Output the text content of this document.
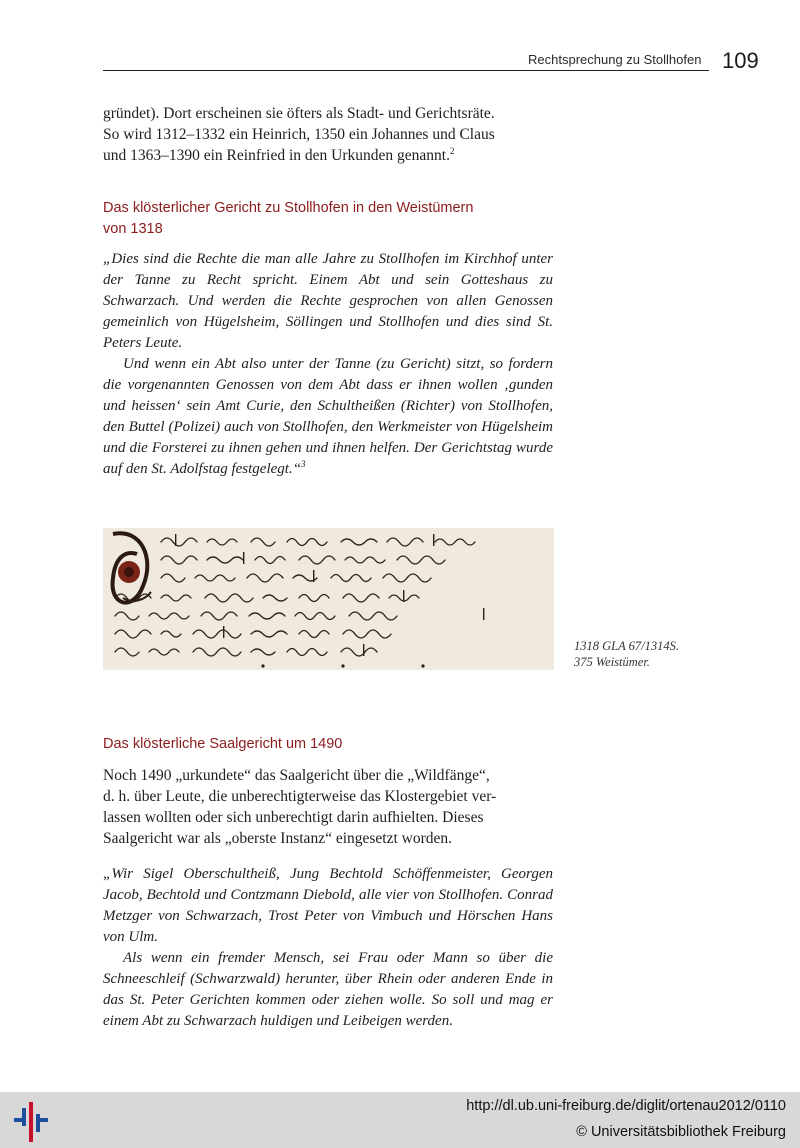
Rechtsprechung zu Stollhofen 109
gründet). Dort erscheinen sie öfters als Stadt- und Gerichtsräte.
So wird 1312–1332 ein Heinrich, 1350 ein Johannes und Claus
und 1363–1390 ein Reinfried in den Urkunden genannt.$^2$
Das klösterlicher Gericht zu Stollhofen in den Weistümern
von 1318

„Dies sind die Rechte die man alle Jahre zu Stollhofen im Kirchhof unter der Tanne zu Recht spricht. Einem Abt und sein Gotteshaus zu Schwarzach. Und werden die Rechte gesprochen von allen Genossen gemeinlich von Hügelsheim, Söllingen und Stollhofen und dies sind St. Peters Leute.

Und wenn ein Abt also unter der Tanne (zu Gericht) sitzt, so fordern die vorgenannten Genossen von dem Abt dass er ihnen wollen ‚gunden und heissen‘ sein Amt Curie, den Schultheißen (Richter) von Stollhofen, den Buttel (Polizei) auch von Stollhofen, den Werkmeister von Hügelsheim und die Forsterei zu ihnen gehen und ihnen helfen. Der Gerichtstag wurde auf den St. Adolfstag festgelegt.“$^3$

1318 GLA 67/1314S.
375 Weistümer.
Das klösterliche Saalgericht um 1490
Noch 1490 „urkundete“ das Saalgericht über die „Wildfänge“,
d. h. über Leute, die unberechtigterweise das Klostergebiet ver-
lassen wollten oder sich unberechtigt darin aufhielten. Dieses
Saalgericht war als „oberste Instanz“ eingesetzt worden.

„Wir Sigel Oberschultheiß, Jung Bechtold Schöffenmeister, Georgen Jacob, Bechtold und Contzmann Diebold, alle vier von Stollhofen. Conrad Metzger von Schwarzach, Trost Peter von Vimbuch und Hörschen Hans von Ulm.

Als wenn ein fremder Mensch, sei Frau oder Mann so über die Schneeschleif (Schwarzwald) herunter, über Rhein oder anderen Ende in das St. Peter Gerichten kommen oder ziehen wolle. So soll und mag er einem Abt zu Schwarzach huldigen und Leibeigen werden.

http://dl.ub.uni-freiburg.de/diglit/ortenau2012/0110
© Universitätsbibliothek Freiburg
